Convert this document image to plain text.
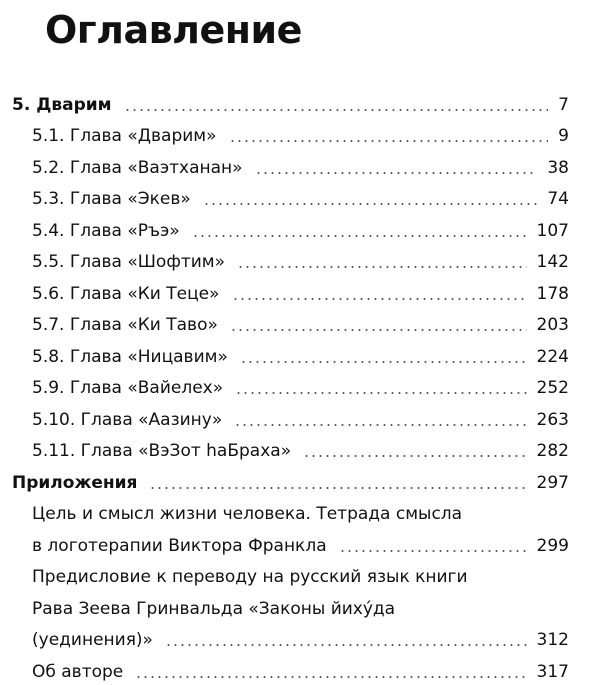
Оглавление
5. Дварим	7
5.1. Глава «Дварим»	9
5.2. Глава «Ваэтханан»	38
5.3. Глава «Экев»	74
5.4. Глава «Ръэ»	107
5.5. Глава «Шофтим»	142
5.6. Глава «Ки Теце»	178
5.7. Глава «Ки Таво»	203
5.8. Глава «Ницавим»	224
5.9. Глава «Вайелех»	252
5.10. Глава «Аазину»	263
5.11. Глава «ВэЗот hаБраха»	282
Приложения	297
Цель и смысл жизни человека. Тетрада смысла
в логотерапии Виктора Франкла	299
Предисловие к переводу на русский язык книги
Рава Зеева Гринвальда «Законы йиху́да
(уединения)»	312
Об авторе	317
